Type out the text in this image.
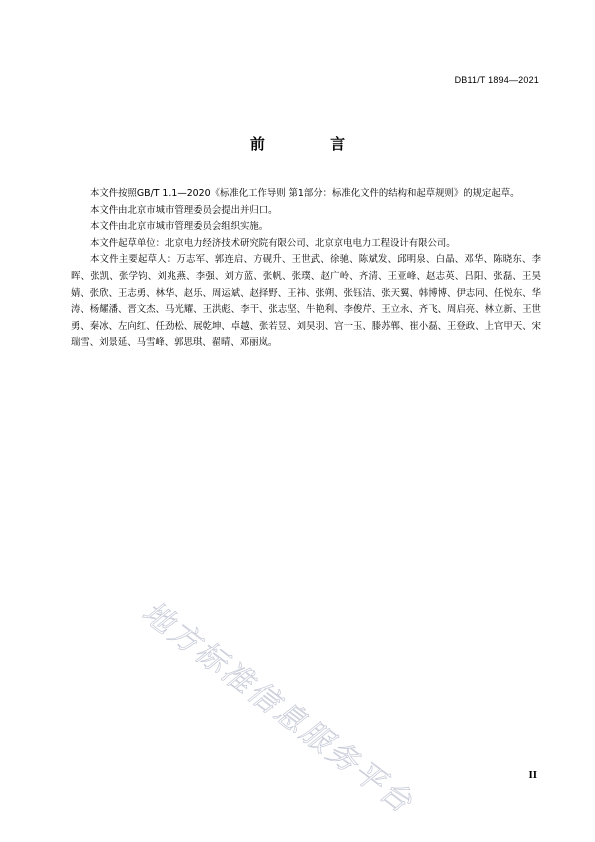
DB11/T 1894—2021
前 言

本文件按照GB/T 1.1—2020《标准化工作导则 第1部分：标准化文件的结构和起草规则》的规定起草。

本文件由北京市城市管理委员会提出并归口。

本文件由北京市城市管理委员会组织实施。

本文件起草单位：北京电力经济技术研究院有限公司、北京京电电力工程设计有限公司。

本文件主要起草人：万志军、郭连启、方砚升、王世武、徐驰、陈斌发、邱明泉、白晶、邓华、陈晓东、李晖、张凯、张学钧、刘兆燕、李强、刘方蓝、张帆、张璞、赵广岭、齐清、王亚峰、赵志英、吕阳、张磊、王昊婧、张欣、王志勇、林华、赵乐、周运斌、赵择野、王祎、张朔、张钰洁、张天翼、韩博博、伊志同、任悦东、华涛、杨耀潘、晋文杰、马光耀、王洪彪、李干、张志坚、牛艳利、李俊芹、王立永、齐飞、周启亮、林立新、王世勇、秦冰、左向红、任劲松、展乾坤、卓越、张若昱、刘昊羽、宫一玉、滕苏郸、崔小磊、王登政、上官甲天、宋瑞雪、刘景延、马雪峰、郭思琪、翟晴、邓丽岚。

地方标准信息服务平台	II
